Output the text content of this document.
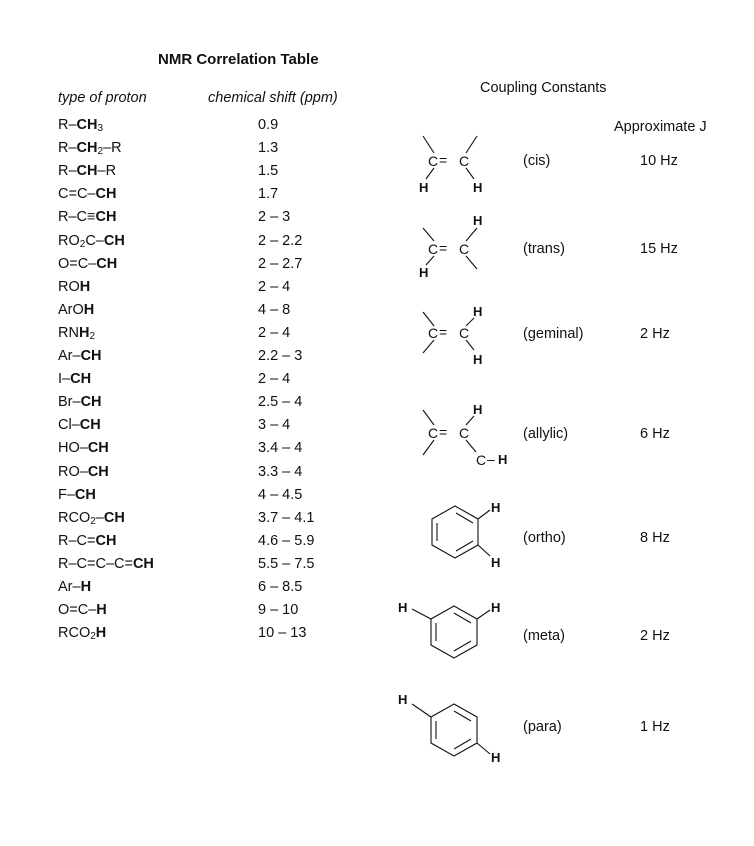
NMR Correlation Table
type of proton	chemical shift (ppm)
$R-CH_3$	0.9
$R-CH_2-R$	1.3
R–CH–R	1.5
C=C–CH	1.7
R–C≡CH	2 – 3
$RO_2C-CH$	2 – 2.2
O=C–CH	2 – 2.7
ROH	2 – 4
ArOH	4 – 8
$RNH_2$	2 – 4
Ar–CH	2.2 – 3
I–CH	2 – 4
Br–CH	2.5 – 4
Cl–CH	3 – 4
HO–CH	3.4 – 4
RO–CH	3.3 – 4
F–CH	4 – 4.5
$RCO_2-CH$	3.7 – 4.1
R–C=CH	4.6 – 5.9
R–C=C–C=CH	5.5 – 7.5
Ar–H	6 – 8.5
O=C–H	9 – 10
$RCO_2H$	10 – 13
Coupling Constants
Approximate J
(cis)	10 Hz
(trans)	15 Hz
(geminal)	2 Hz
(allylic)	6 Hz
(ortho)	8 Hz
(meta)	2 Hz
(para)	1 Hz
C = C
H	H
C = C
H
H
C = C
H
H
C = C
H
C – H
H
H
H	H
H
H
